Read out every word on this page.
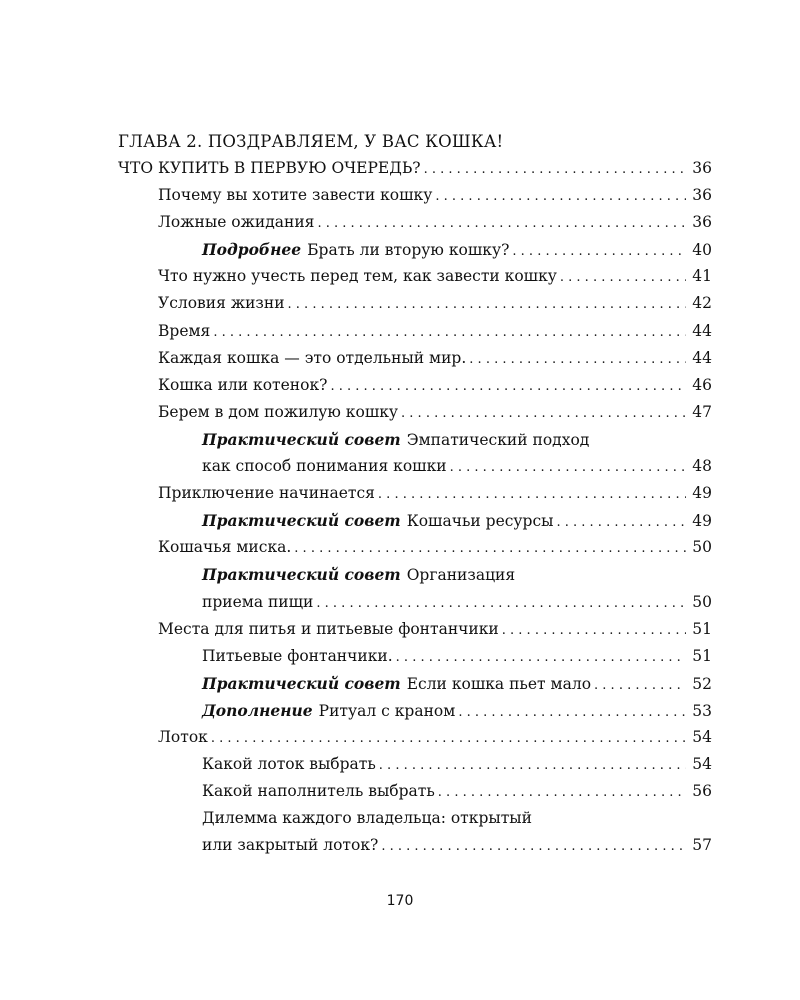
ГЛАВА 2. ПОЗДРАВЛЯЕМ, У ВАС КОШКА!
ЧТО КУПИТЬ В ПЕРВУЮ ОЧЕРЕДЬ? . . .	36
Почему вы хотите завести кошку . . .	36
Ложные ожидания . . .	36
Подробнее Брать ли вторую кошку? . . .	40
Что нужно учесть перед тем, как завести кошку . . .	41
Условия жизни . . .	42
Время . . .	44
Каждая кошка — это отдельный мир. . . .	44
Кошка или котенок? . . .	46
Берем в дом пожилую кошку . . .	47
Практический совет Эмпатический подход
как способ понимания кошки . . .	48
Приключение начинается . . .	49
Практический совет Кошачьи ресурсы . . .	49
Кошачья миска. . . .	50
Практический совет Организация
приема пищи . . .	50
Места для питья и питьевые фонтанчики . . .	51
Питьевые фонтанчики. . . .	51
Практический совет Если кошка пьет мало . . .	52
Дополнение Ритуал с краном . . .	53
Лоток . . .	54
Какой лоток выбрать . . .	54
Какой наполнитель выбрать . . .	56
Дилемма каждого владельца: открытый
или закрытый лоток? . . .	57
170
